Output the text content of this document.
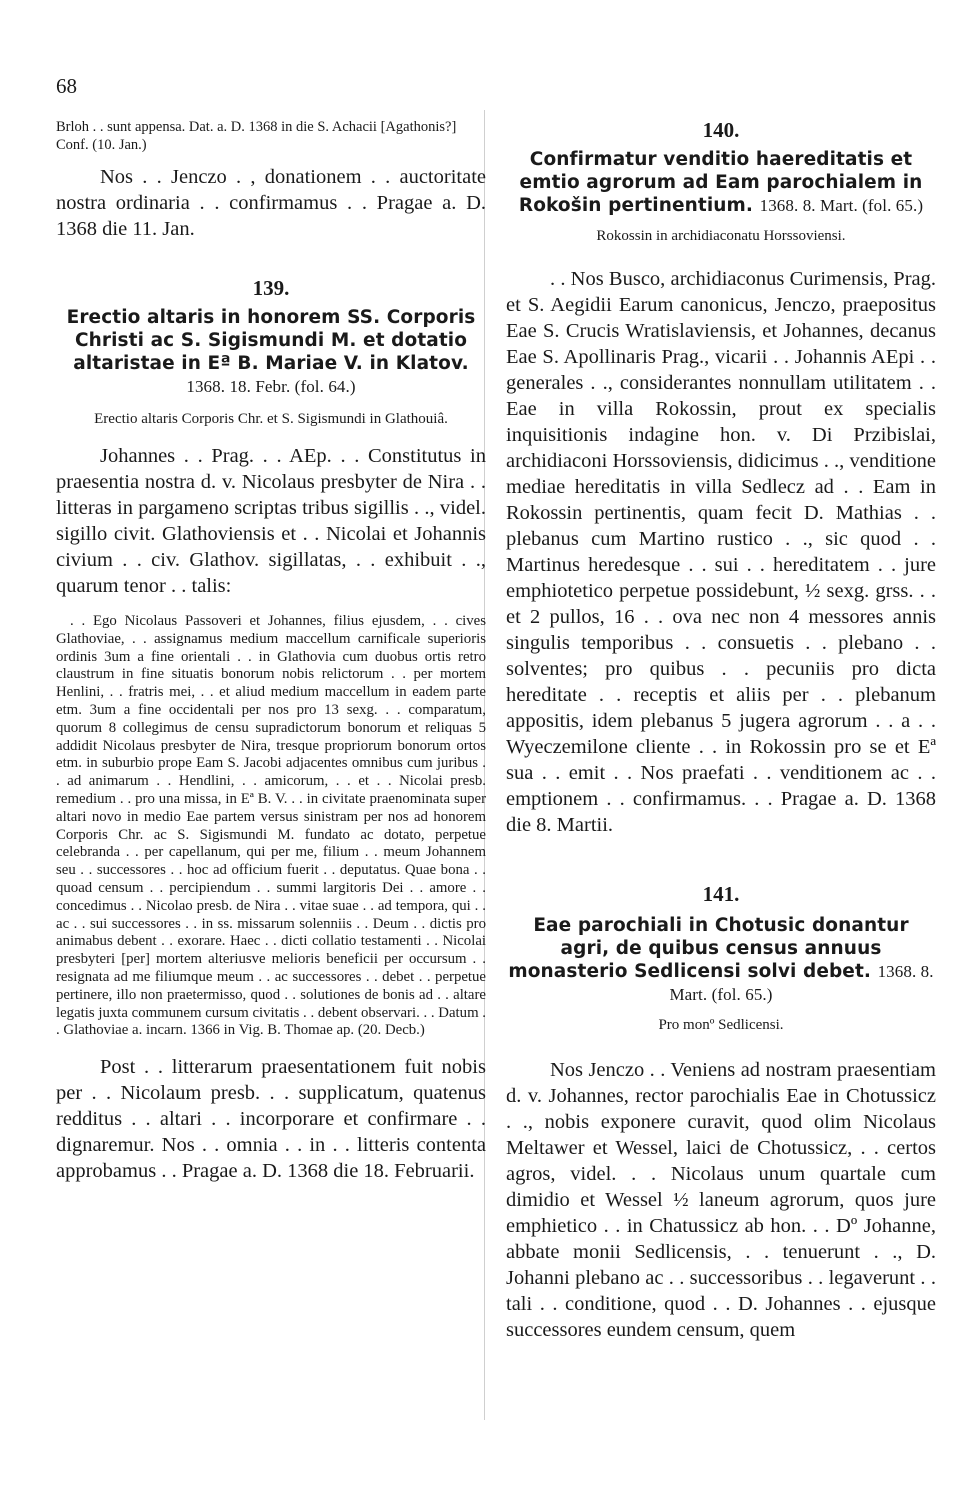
68

Brloh . . sunt appensa. Dat. a. D. 1368 in die S. Achacii [Agathonis?] Conf. (10. Jan.)

Nos . . Jenczo . , donationem . . auctoritate nostra ordinaria . . confirmamus . . Pragae a. D. 1368 die 11. Jan.

139.

Erectio altaris in honorem SS. Corporis Christi ac S. Sigismundi M. et dotatio altaristae in Eª B. Mariae V. in Klatov. 1368. 18. Febr. (fol. 64.)

Erectio altaris Corporis Chr. et S. Sigismundi in Glathouiâ.

Johannes . . Prag. . . AEp. . . Constitutus in praesentia nostra d. v. Nicolaus presbyter de Nira . . litteras in pargameno scriptas tribus sigillis . ., videl. sigillo civit. Glathoviensis et . . Nicolai et Johannis civium . . civ. Glathov. sigillatas, . . exhibuit . ., quarum tenor . . talis:

. . Ego Nicolaus Passoveri et Johannes, filius ejusdem, . . cives Glathoviae, . . assignamus medium maccellum carnificale superioris ordinis 3um a fine orientali . . in Glathovia cum duobus ortis retro claustrum in fine situatis bonorum nobis relictorum . . per mortem Henlini, . . fratris mei, . . et aliud medium maccellum in eadem parte etm. 3um a fine occidentali per nos pro 13 sexg. . . comparatum, quorum 8 collegimus de censu supradictorum bonorum et reliquas 5 addidit Nicolaus presbyter de Nira, tresque propriorum bonorum ortos etm. in suburbio prope Eam S. Jacobi adjacentes omnibus cum juribus . . ad animarum . . Hendlini, . . amicorum, . . et . . Nicolai presb. remedium . . pro una missa, in Eª B. V. . . in civitate praenominata super altari novo in medio Eae partem versus sinistram per nos ad honorem Corporis Chr. ac S. Sigismundi M. fundato ac dotato, perpetue celebranda . . per capellanum, qui per me, filium . . meum Johannem seu . . successores . . hoc ad officium fuerit . . deputatus. Quae bona . . quoad censum . . percipiendum . . summi largitoris Dei . . amore . . concedimus . . Nicolao presb. de Nira . . vitae suae . . ad tempora, qui . . ac . . sui successores . . in ss. missarum solenniis . . Deum . . dictis pro animabus debent . . exorare. Haec . . dicti collatio testamenti . . Nicolai presbyteri [per] mortem alteriusve melioris beneficii per occursum . . resignata ad me filiumque meum . . ac successores . . debet . . perpetue pertinere, illo non praetermisso, quod . . solutiones de bonis ad . . altare legatis juxta communem cursum civitatis . . debent observari. . . Datum . . Glathoviae a. incarn. 1366 in Vig. B. Thomae ap. (20. Decb.)

Post . . litterarum praesentationem fuit nobis per . . Nicolaum presb. . . supplicatum, quatenus redditus . . altari . . incorporare et confirmare . . dignaremur. Nos . . omnia . . in . . litteris contenta approbamus . . Pragae a. D. 1368 die 18. Februarii.

140.

Confirmatur venditio haereditatis et emtio agrorum ad Eam parochialem in Rokošin pertinentium. 1368. 8. Mart. (fol. 65.)

Rokossin in archidiaconatu Horssoviensi.

. . Nos Busco, archidiaconus Curimensis, Prag. et S. Aegidii Earum canonicus, Jenczo, praepositus Eae S. Crucis Wratislaviensis, et Johannes, decanus Eae S. Apollinaris Prag., vicarii . . Johannis AEpi . . generales . ., considerantes nonnullam utilitatem . . Eae in villa Rokossin, prout ex specialis inquisitionis indagine hon. v. Di Przibislai, archidiaconi Horssoviensis, didicimus . ., venditione mediae hereditatis in villa Sedlecz ad . . Eam in Rokossin pertinentis, quam fecit D. Mathias . . plebanus cum Martino rustico . ., sic quod . . Martinus heredesque . . sui . . hereditatem . . jure emphiotetico perpetue possidebunt, ½ sexg. grss. . . et 2 pullos, 16 . . ova nec non 4 messores annis singulis temporibus . . consuetis . . plebano . . solventes; pro quibus . . pecuniis pro dicta hereditate . . receptis et aliis per . . plebanum appositis, idem plebanus 5 jugera agrorum . . a . . Wyeczemilone cliente . . in Rokossin pro se et Eª sua . . emit . . Nos praefati . . venditionem ac . . emptionem . . confirmamus. . . Pragae a. D. 1368 die 8. Martii.

141.

Eae parochiali in Chotusic donantur agri, de quibus census annuus monasterio Sedlicensi solvi debet. 1368. 8. Mart. (fol. 65.)

Pro monº Sedlicensi.

Nos Jenczo . . Veniens ad nostram praesentiam d. v. Johannes, rector parochialis Eae in Chotussicz . ., nobis exponere curavit, quod olim Nicolaus Meltawer et Wessel, laici de Chotussicz, . . certos agros, videl. . . Nicolaus unum quartale cum dimidio et Wessel ½ laneum agrorum, quos jure emphietico . . in Chatussicz ab hon. . . Dº Johanne, abbate monii Sedlicensis, . . tenuerunt . ., D. Johanni plebano ac . . successoribus . . legaverunt . . tali . . conditione, quod . . D. Johannes . . ejusque successores eundem censum, quem
